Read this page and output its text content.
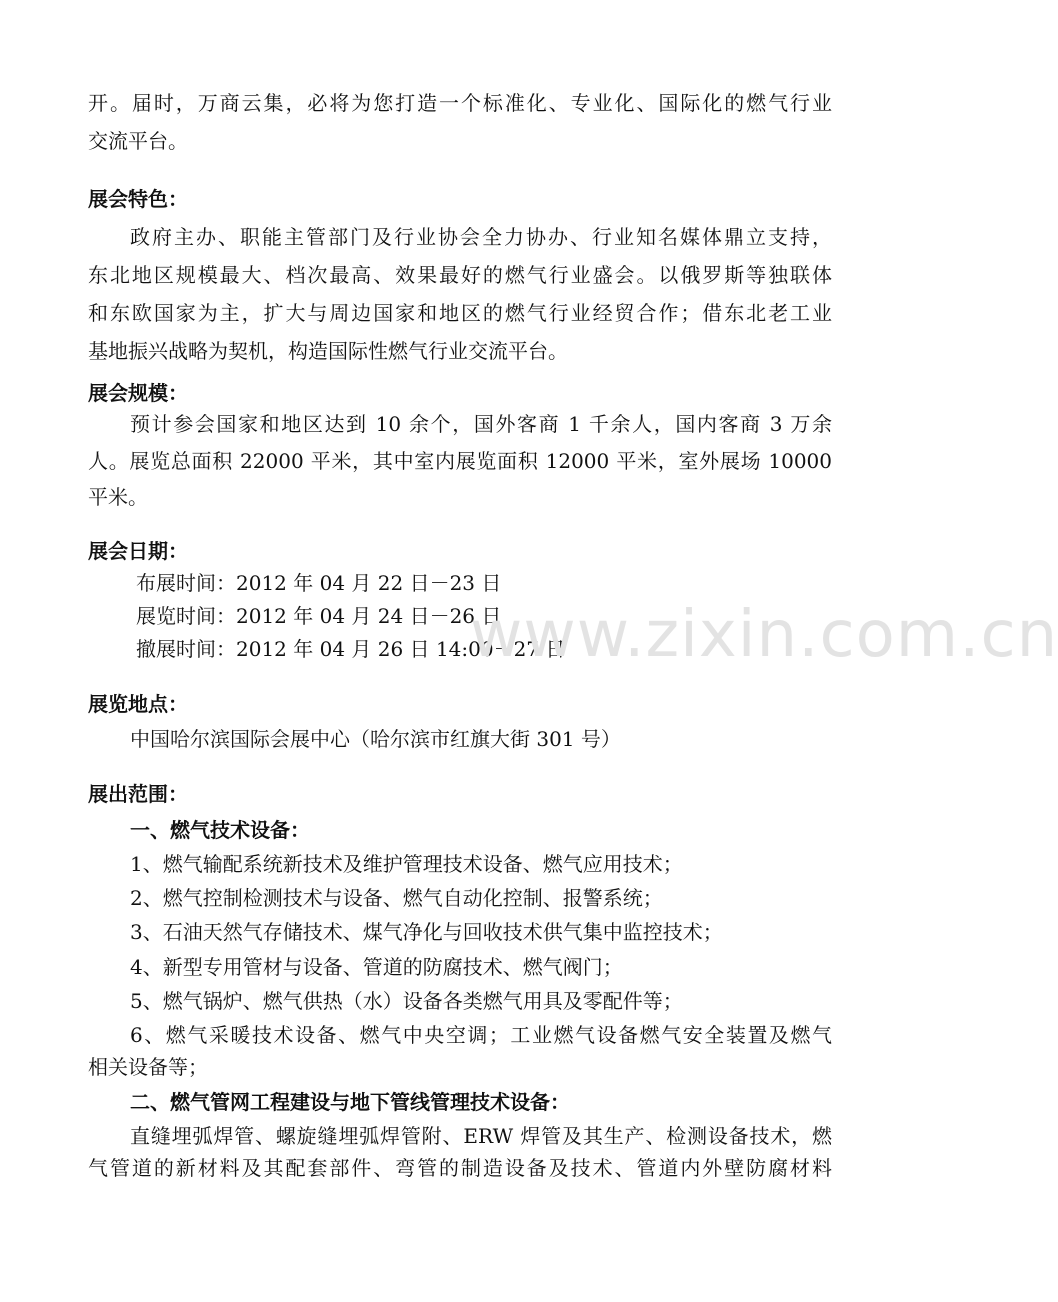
开。届时，万商云集，必将为您打造一个标准化、专业化、国际化的燃气行业
交流平台。
展会特色：
政府主办、职能主管部门及行业协会全力协办、行业知名媒体鼎立支持，
东北地区规模最大、档次最高、效果最好的燃气行业盛会。以俄罗斯等独联体
和东欧国家为主，扩大与周边国家和地区的燃气行业经贸合作；借东北老工业
基地振兴战略为契机，构造国际性燃气行业交流平台。
展会规模：
预计参会国家和地区达到 10 余个，国外客商 1 千余人，国内客商 3 万余
人。展览总面积 22000 平米，其中室内展览面积 12000 平米，室外展场 10000
平米。
展会日期：
布展时间：2012 年 04 月 22 日－23 日
展览时间：2012 年 04 月 24 日－26 日
撤展时间：2012 年 04 月 26 日 14:00－27 日
展览地点：
中国哈尔滨国际会展中心（哈尔滨市红旗大街 301 号）
展出范围：
一、燃气技术设备：
1、燃气输配系统新技术及维护管理技术设备、燃气应用技术；
2、燃气控制检测技术与设备、燃气自动化控制、报警系统；
3、石油天然气存储技术、煤气净化与回收技术供气集中监控技术；
4、新型专用管材与设备、管道的防腐技术、燃气阀门；
5、燃气锅炉、燃气供热（水）设备各类燃气用具及零配件等；
6、燃气采暖技术设备、燃气中央空调；工业燃气设备燃气安全装置及燃气
相关设备等；
二、燃气管网工程建设与地下管线管理技术设备：
直缝埋弧焊管、螺旋缝埋弧焊管附、ERW 焊管及其生产、检测设备技术，燃
气管道的新材料及其配套部件、弯管的制造设备及技术、管道内外壁防腐材料
www.zixin.com.cn
